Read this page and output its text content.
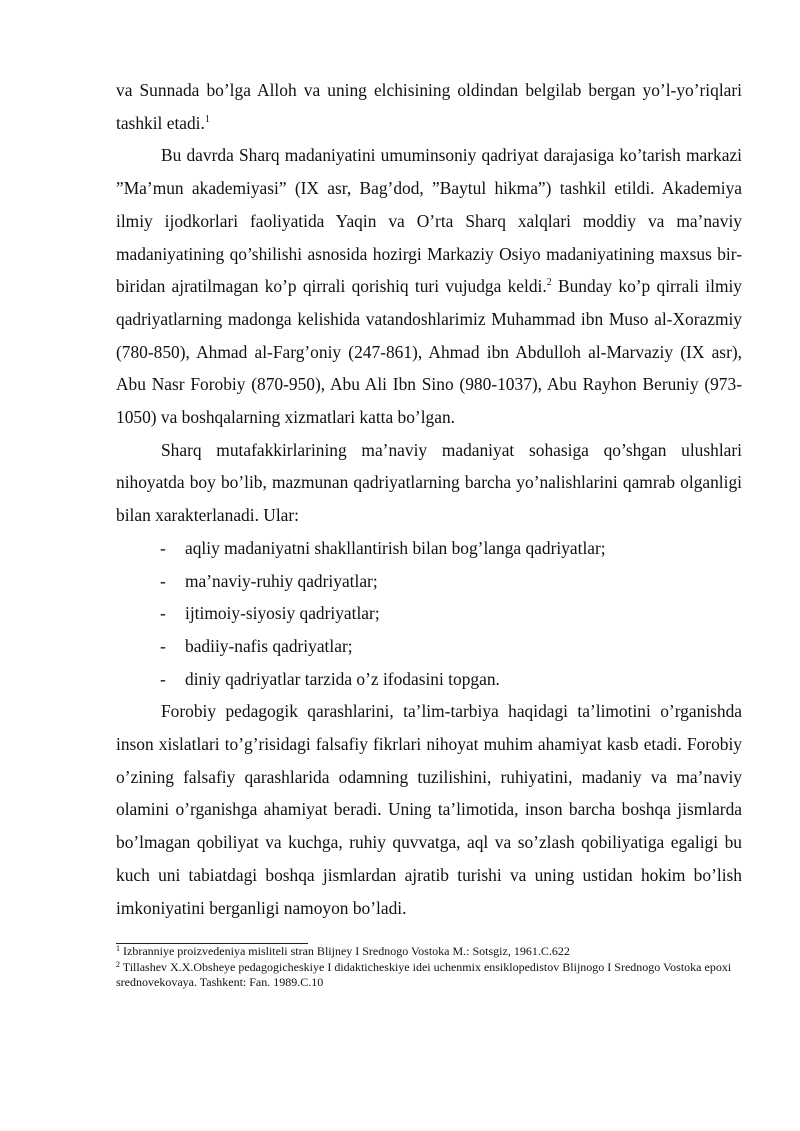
va Sunnada bo’lga Alloh va uning elchisining oldindan belgilab bergan yo’l-yo’riqlari tashkil etadi.$^1$

Bu davrda Sharq madaniyatini umuminsoniy qadriyat darajasiga ko’tarish markazi ”Ma’mun akademiyasi” (IX asr, Bag’dod, ”Baytul hikma”) tashkil etildi. Akademiya ilmiy ijodkorlari faoliyatida Yaqin va O’rta Sharq xalqlari moddiy va ma’naviy madaniyatining qo’shilishi asnosida hozirgi Markaziy Osiyo madaniyatining maxsus bir-biridan ajratilmagan ko’p qirrali qorishiq turi vujudga keldi.$^2$ Bunday ko’p qirrali ilmiy qadriyatlarning madonga kelishida vatandoshlarimiz Muhammad ibn Muso al-Xorazmiy (780-850), Ahmad al-Farg’oniy (247-861), Ahmad ibn Abdulloh al-Marvaziy (IX asr), Abu Nasr Forobiy (870-950), Abu Ali Ibn Sino (980-1037), Abu Rayhon Beruniy (973-1050) va boshqalarning xizmatlari katta bo’lgan.

Sharq mutafakkirlarining ma’naviy madaniyat sohasiga qo’shgan ulushlari nihoyatda boy bo’lib, mazmunan qadriyatlarning barcha yo’nalishlarini qamrab olganligi bilan xarakterlanadi. Ular:

- aqliy madaniyatni shakllantirish bilan bog’langa qadriyatlar;
- ma’naviy-ruhiy qadriyatlar;
- ijtimoiy-siyosiy qadriyatlar;
- badiiy-nafis qadriyatlar;
- diniy qadriyatlar tarzida o’z ifodasini topgan.

Forobiy pedagogik qarashlarini, ta’lim-tarbiya haqidagi ta’limotini o’rganishda inson xislatlari to’g’risidagi falsafiy fikrlari nihoyat muhim ahamiyat kasb etadi. Forobiy o’zining falsafiy qarashlarida odamning tuzilishini, ruhiyatini, madaniy va ma’naviy olamini o’rganishga ahamiyat beradi. Uning ta’limotida, inson barcha boshqa jismlarda bo’lmagan qobiliyat va kuchga, ruhiy quvvatga, aql va so’zlash qobiliyatiga egaligi bu kuch uni tabiatdagi boshqa jismlardan ajratib turishi va uning ustidan hokim bo’lish imkoniyatini berganligi namoyon bo’ladi.

$^1$ Izbranniye proizvedeniya misliteli stran Blijney I Srednogo Vostoka M.: Sotsgiz, 1961.C.622

$^2$ Tillashev X.X.Obsheye pedagogicheskiye I didakticheskiye idei uchenmix ensiklopedistov Blijnogo I Srednogo Vostoka epoxi srednovekovaya. Tashkent: Fan. 1989.C.10
